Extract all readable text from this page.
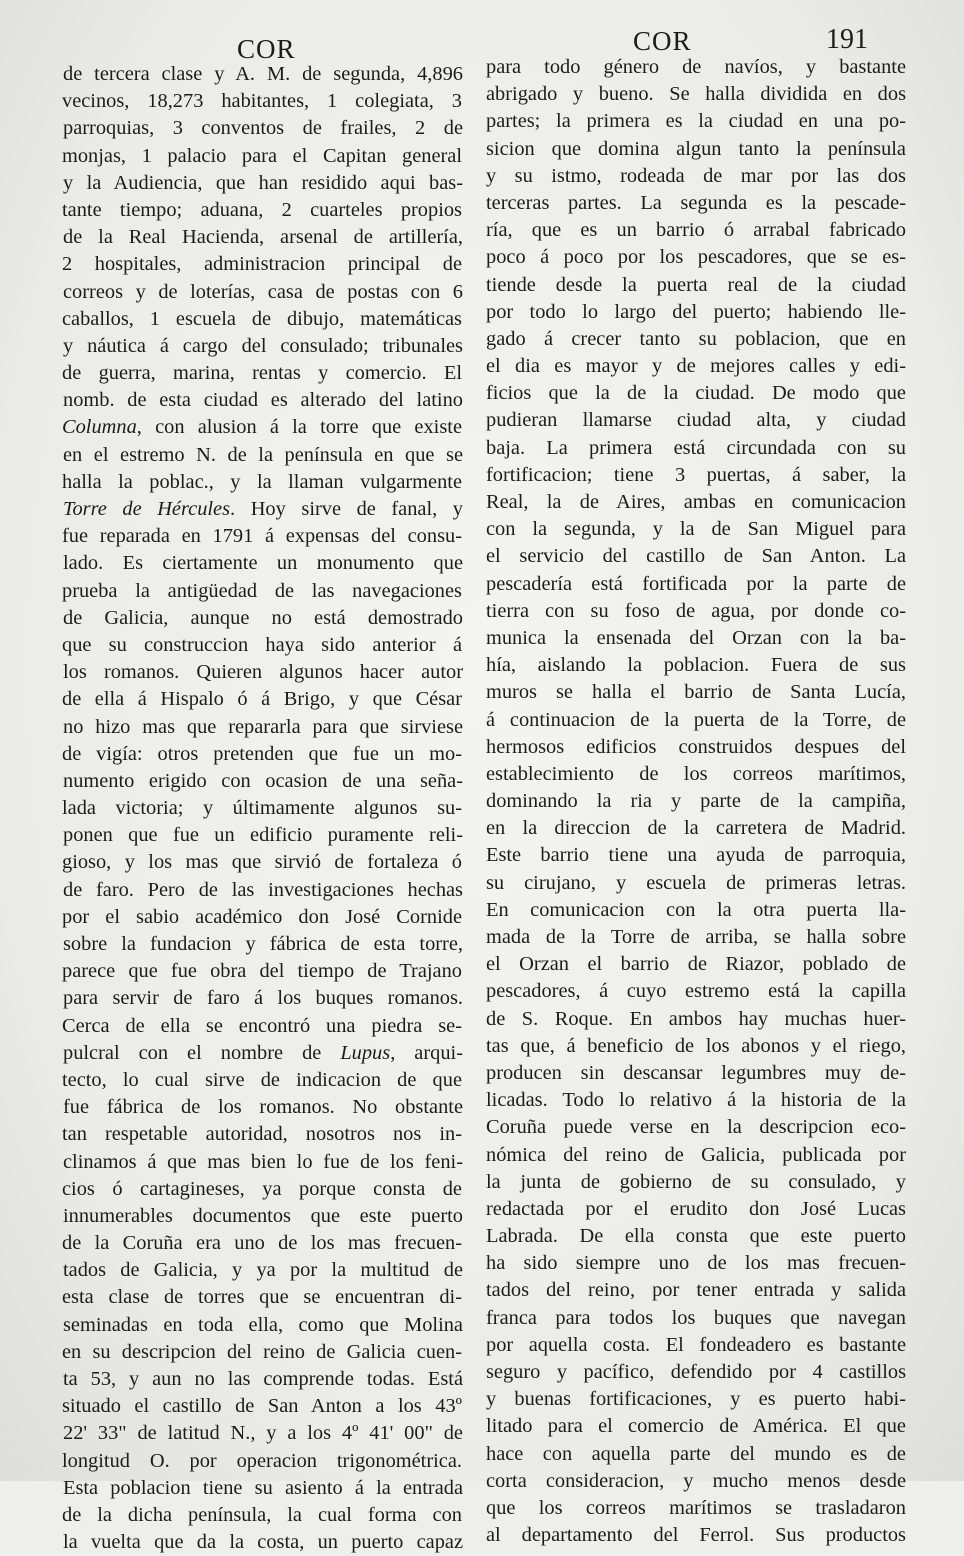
COR	COR	191
de tercera clase y A. M. de segunda, 4,896
vecinos, 18,273 habitantes, 1 colegiata, 3
parroquias, 3 conventos de frailes, 2 de
monjas, 1 palacio para el Capitan general
y la Audiencia, que han residido aqui bas-
tante tiempo; aduana, 2 cuarteles propios
de la Real Hacienda, arsenal de artillería,
2 hospitales, administracion principal de
correos y de loterías, casa de postas con 6
caballos, 1 escuela de dibujo, matemáticas
y náutica á cargo del consulado; tribunales
de guerra, marina, rentas y comercio. El
nomb. de esta ciudad es alterado del latino
Columna, con alusion á la torre que existe
en el estremo N. de la península en que se
halla la poblac., y la llaman vulgarmente
Torre de Hércules. Hoy sirve de fanal, y
fue reparada en 1791 á expensas del consu-
lado. Es ciertamente un monumento que
prueba la antigüedad de las navegaciones
de Galicia, aunque no está demostrado
que su construccion haya sido anterior á
los romanos. Quieren algunos hacer autor
de ella á Hispalo ó á Brigo, y que César
no hizo mas que repararla para que sirviese
de vigía: otros pretenden que fue un mo-
numento erigido con ocasion de una seña-
lada victoria; y últimamente algunos su-
ponen que fue un edificio puramente reli-
gioso, y los mas que sirvió de fortaleza ó
de faro. Pero de las investigaciones hechas
por el sabio académico don José Cornide
sobre la fundacion y fábrica de esta torre,
parece que fue obra del tiempo de Trajano
para servir de faro á los buques romanos.
Cerca de ella se encontró una piedra se-
pulcral con el nombre de Lupus, arqui-
tecto, lo cual sirve de indicacion de que
fue fábrica de los romanos. No obstante
tan respetable autoridad, nosotros nos in-
clinamos á que mas bien lo fue de los feni-
cios ó cartagineses, ya porque consta de
innumerables documentos que este puerto
de la Coruña era uno de los mas frecuen-
tados de Galicia, y ya por la multitud de
esta clase de torres que se encuentran di-
seminadas en toda ella, como que Molina
en su descripcion del reino de Galicia cuen-
ta 53, y aun no las comprende todas. Está
situado el castillo de San Anton a los 43º
22' 33" de latitud N., y a los 4º 41' 00" de
longitud O. por operacion trigonométrica.
Esta poblacion tiene su asiento á la entrada
de la dicha península, la cual forma con
la vuelta que da la costa, un puerto capaz
para todo género de navíos, y bastante
abrigado y bueno. Se halla dividida en dos
partes; la primera es la ciudad en una po-
sicion que domina algun tanto la península
y su istmo, rodeada de mar por las dos
terceras partes. La segunda es la pescade-
ría, que es un barrio ó arrabal fabricado
poco á poco por los pescadores, que se es-
tiende desde la puerta real de la ciudad
por todo lo largo del puerto; habiendo lle-
gado á crecer tanto su poblacion, que en
el dia es mayor y de mejores calles y edi-
ficios que la de la ciudad. De modo que
pudieran llamarse ciudad alta, y ciudad
baja. La primera está circundada con su
fortificacion; tiene 3 puertas, á saber, la
Real, la de Aires, ambas en comunicacion
con la segunda, y la de San Miguel para
el servicio del castillo de San Anton. La
pescadería está fortificada por la parte de
tierra con su foso de agua, por donde co-
munica la ensenada del Orzan con la ba-
hía, aislando la poblacion. Fuera de sus
muros se halla el barrio de Santa Lucía,
á continuacion de la puerta de la Torre, de
hermosos edificios construidos despues del
establecimiento de los correos marítimos,
dominando la ria y parte de la campiña,
en la direccion de la carretera de Madrid.
Este barrio tiene una ayuda de parroquia,
su cirujano, y escuela de primeras letras.
En comunicacion con la otra puerta lla-
mada de la Torre de arriba, se halla sobre
el Orzan el barrio de Riazor, poblado de
pescadores, á cuyo estremo está la capilla
de S. Roque. En ambos hay muchas huer-
tas que, á beneficio de los abonos y el riego,
producen sin descansar legumbres muy de-
licadas. Todo lo relativo á la historia de la
Coruña puede verse en la descripcion eco-
nómica del reino de Galicia, publicada por
la junta de gobierno de su consulado, y
redactada por el erudito don José Lucas
Labrada. De ella consta que este puerto
ha sido siempre uno de los mas frecuen-
tados del reino, por tener entrada y salida
franca para todos los buques que navegan
por aquella costa. El fondeadero es bastante
seguro y pacífico, defendido por 4 castillos
y buenas fortificaciones, y es puerto habi-
litado para el comercio de América. El que
hace con aquella parte del mundo es de
corta consideracion, y mucho menos desde
que los correos marítimos se trasladaron
al departamento del Ferrol. Sus productos
